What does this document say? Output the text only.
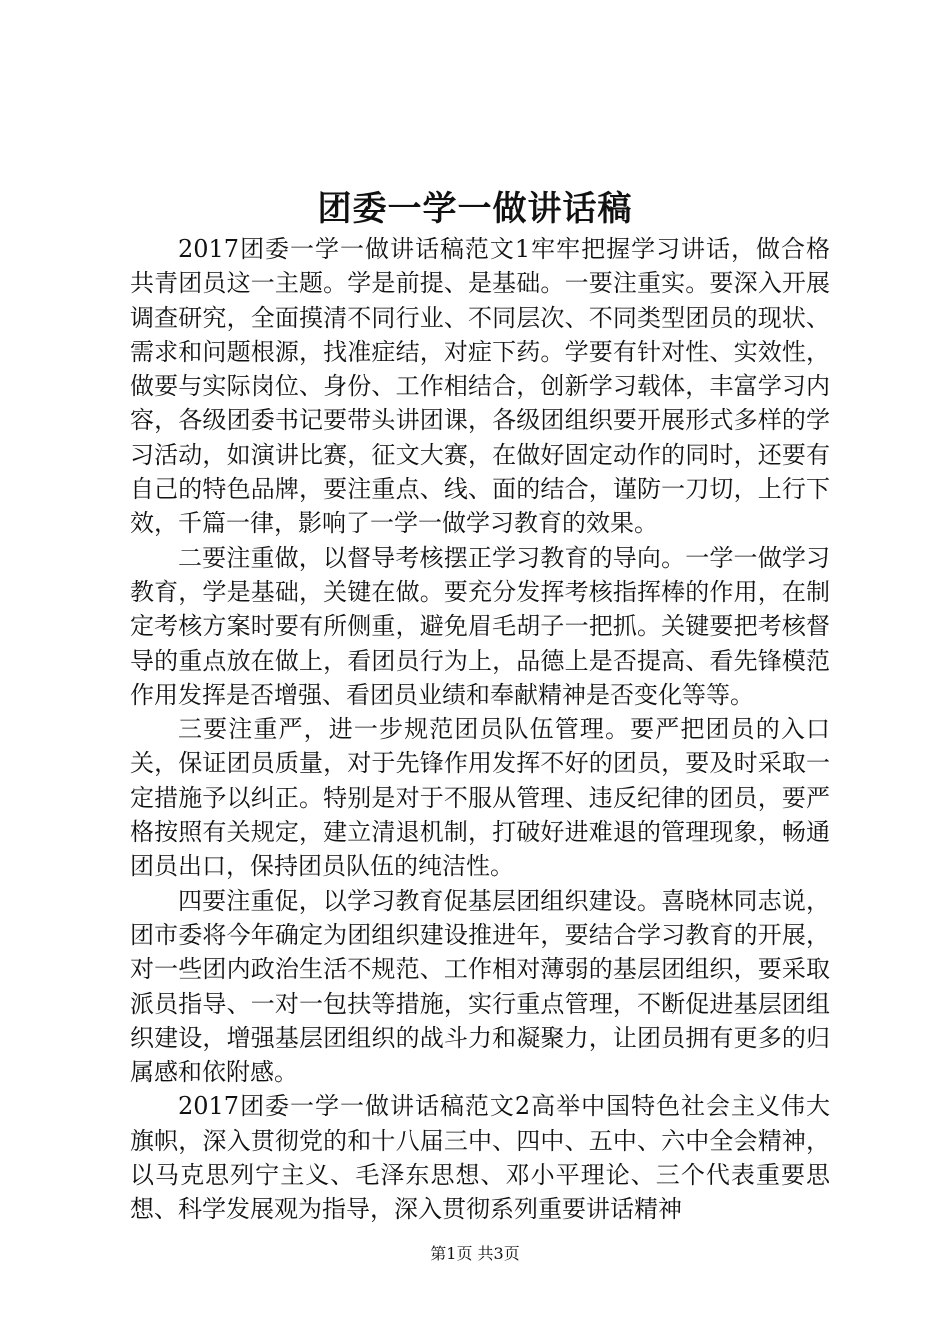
团委一学一做讲话稿

2017团委一学一做讲话稿范文1牢牢把握学习讲话，做合格共青团员这一主题。学是前提、是基础。一要注重实。要深入开展调查研究，全面摸清不同行业、不同层次、不同类型团员的现状、需求和问题根源，找准症结，对症下药。学要有针对性、实效性，做要与实际岗位、身份、工作相结合，创新学习载体，丰富学习内容，各级团委书记要带头讲团课，各级团组织要开展形式多样的学习活动，如演讲比赛，征文大赛，在做好固定动作的同时，还要有自己的特色品牌，要注重点、线、面的结合，谨防一刀切，上行下效，千篇一律，影响了一学一做学习教育的效果。

二要注重做，以督导考核摆正学习教育的导向。一学一做学习教育，学是基础，关键在做。要充分发挥考核指挥棒的作用，在制定考核方案时要有所侧重，避免眉毛胡子一把抓。关键要把考核督导的重点放在做上，看团员行为上，品德上是否提高、看先锋模范作用发挥是否增强、看团员业绩和奉献精神是否变化等等。

三要注重严，进一步规范团员队伍管理。要严把团员的入口关，保证团员质量，对于先锋作用发挥不好的团员，要及时采取一定措施予以纠正。特别是对于不服从管理、违反纪律的团员，要严格按照有关规定，建立清退机制，打破好进难退的管理现象，畅通团员出口，保持团员队伍的纯洁性。

四要注重促，以学习教育促基层团组织建设。喜晓林同志说，团市委将今年确定为团组织建设推进年，要结合学习教育的开展，对一些团内政治生活不规范、工作相对薄弱的基层团组织，要采取派员指导、一对一包扶等措施，实行重点管理，不断促进基层团组织建设，增强基层团组织的战斗力和凝聚力，让团员拥有更多的归属感和依附感。

2017团委一学一做讲话稿范文2高举中国特色社会主义伟大旗帜，深入贯彻党的和十八届三中、四中、五中、六中全会精神，以马克思列宁主义、毛泽东思想、邓小平理论、三个代表重要思想、科学发展观为指导，深入贯彻系列重要讲话精神

第1页 共3页
